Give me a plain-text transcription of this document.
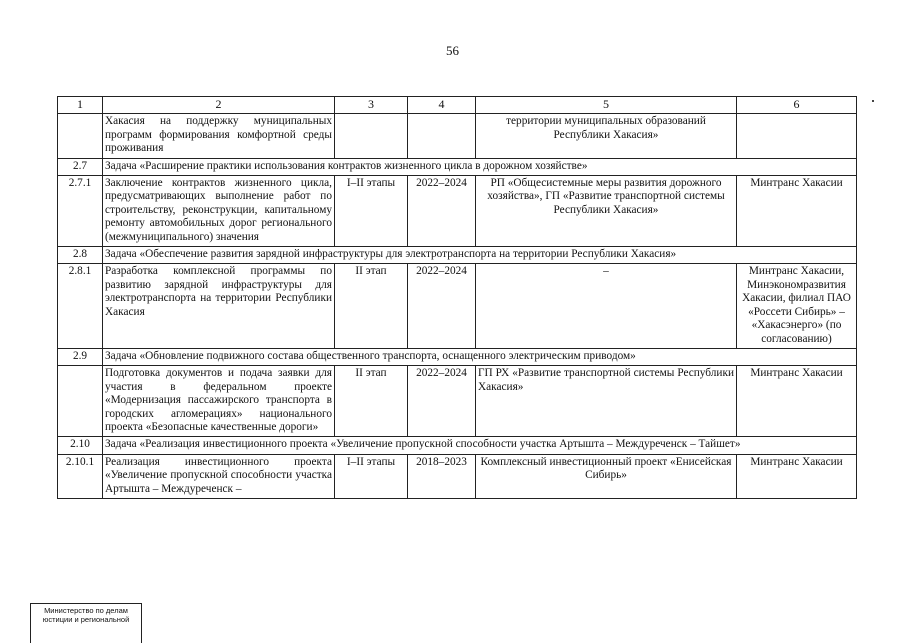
56
1	2	3	4	5	6
	Хакасия на поддержку муниципальных программ формирования комфортной среды проживания			территории муниципальных образований Республики Хакасия»	
2.7	Задача «Расширение практики использования контрактов жизненного цикла в дорожном хозяйстве»				
2.7.1	Заключение контрактов жизненного цикла, предусматривающих выполнение работ по строительству, реконструкции, капитальному ремонту автомобильных дорог регионального (межмуниципального) значения	I–II этапы	2022–2024	РП «Общесистемные меры развития дорожного хозяйства», ГП «Развитие транспортной системы Республики Хакасия»	Минтранс Хакасии
2.8	Задача «Обеспечение развития зарядной инфраструктуры для электротранспорта на территории Республики Хакасия»				
2.8.1	Разработка комплексной программы по развитию зарядной инфраструктуры для электротранспорта на территории Республики Хакасия	II этап	2022–2024	–	Минтранс Хакасии, Минэкономразвития Хакасии, филиал ПАО «Россети Сибирь» – «Хакасэнерго» (по согласованию)
2.9	Задача «Обновление подвижного состава общественного транспорта, оснащенного электрическим приводом»				
	Подготовка документов и подача заявки для участия в федеральном проекте «Модернизация пассажирского транспорта в городских агломерациях» национального проекта «Безопасные качественные дороги»	II этап	2022–2024	ГП РХ «Развитие транспортной системы Республики Хакасия»	Минтранс Хакасии
2.10	Задача «Реализация инвестиционного проекта «Увеличение пропускной способности участка Артышта – Междуреченск – Тайшет»				
2.10.1	Реализация инвестиционного проекта «Увеличение пропускной способности участка Артышта – Междуреченск –	I–II этапы	2018–2023	Комплексный инвестиционный проект «Енисейская Сибирь»	Минтранс Хакасии
Министерство по делам
юстиции и региональной
